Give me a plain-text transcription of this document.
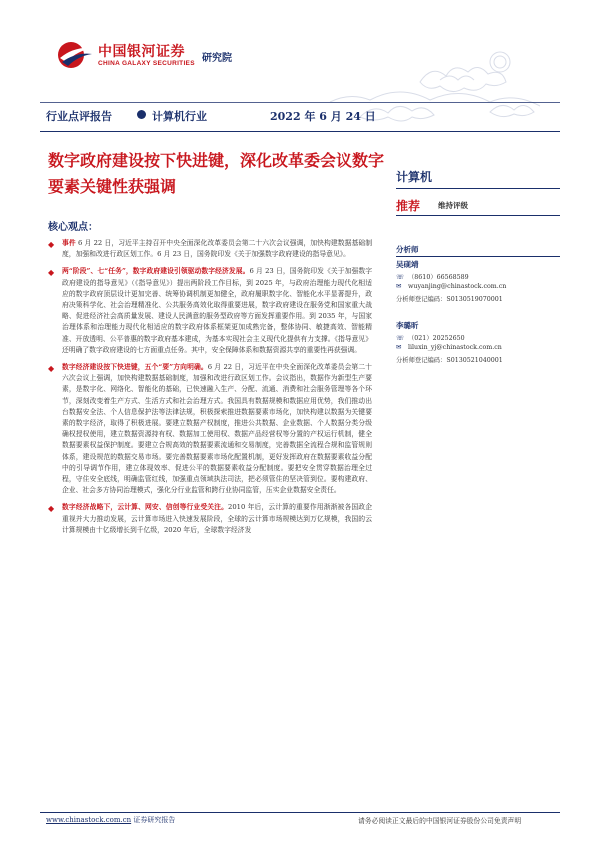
中国银河证券
CHINA GALAXY SECURITIES 研究院
行业点评报告	计算机行业	2022 年 6 月 24 日
数字政府建设按下快进键，深化改革委会议数字要素关键性获强调	计算机
推荐 维持评级
分析师
吴砚靖
☏ （8610）66568589
✉ wuyanjing@chinastock.com.cn
分析师登记编码：S0130519070001
李璐昕
☏ （021）20252650
✉ liluxin_yj@chinastock.com.cn
分析师登记编码：S0130521040001
核心观点：
◆ 事件 6 月 22 日，习近平主持召开中央全面深化改革委员会第二十六次会议强调，加快构建数据基础制度，加强和改进行政区划工作。6 月 23 日，国务院印发《关于加强数字政府建设的指导意见》。
◆ 两“阶段”、七“任务”，数字政府建设引领驱动数字经济发展。6 月 23 日，国务院印发《关于加强数字政府建设的指导意见》（《指导意见》）提出两阶段工作目标，到 2025 年，与政府治理能力现代化相适应的数字政府顶层设计更加完善、统筹协调机制更加健全，政府履职数字化、智能化水平显著提升，政府决策科学化、社会治理精准化、公共服务高效化取得重要进展，数字政府建设在服务党和国家重大战略、促进经济社会高质量发展、建设人民满意的服务型政府等方面发挥重要作用。到 2035 年，与国家治理体系和治理能力现代化相适应的数字政府体系框架更加成熟完备，整体协同、敏捷高效、智能精准、开放透明、公平普惠的数字政府基本建成，为基本实现社会主义现代化提供有力支撑。《指导意见》还明确了数字政府建设的七方面重点任务。其中，安全保障体系和数据资源共享的重要性再获强调。
◆ 数字经济建设按下快进键，五个“要”方向明确。6 月 22 日，习近平在中央全面深化改革委员会第二十六次会议上强调，加快构建数据基础制度，加强和改进行政区划工作。会议指出，数据作为新型生产要素，是数字化、网络化、智能化的基础，已快速融入生产、分配、流通、消费和社会服务管理等各个环节，深刻改变着生产方式、生活方式和社会治理方式。我国具有数据规模和数据应用优势，我们推动出台数据安全法、个人信息保护法等法律法规，积极探索推进数据要素市场化，加快构建以数据为关键要素的数字经济，取得了积极进展。要建立数据产权制度，推进公共数据、企业数据、个人数据分类分级确权授权使用，建立数据资源持有权、数据加工使用权、数据产品经营权等分置的产权运行机制，健全数据要素权益保护制度。要建立合规高效的数据要素流通和交易制度，完善数据全流程合规和监管规则体系，建设规范的数据交易市场。要完善数据要素市场化配置机制，更好发挥政府在数据要素收益分配中的引导调节作用，建立体现效率、促进公平的数据要素收益分配制度。要把安全贯穿数据治理全过程，守住安全底线，明确监管红线，加强重点领域执法司法，把必须管住的坚决管到位。要构建政府、企业、社会多方协同治理模式，强化分行业监管和跨行业协同监管，压实企业数据安全责任。
◆ 数字经济战略下，云计算、网安、信创等行业受关注。2010 年后，云计算的重要作用渐渐被各国政企重视并大力推动发展，云计算市场进入快速发展阶段，全球的云计算市场规模达到万亿规模，我国的云计算规模由十亿级增长到千亿级，2020 年后，全球数字经济发
www.chinastock.com.cn 证券研究报告	请务必阅读正文最后的中国银河证券股份公司免责声明
